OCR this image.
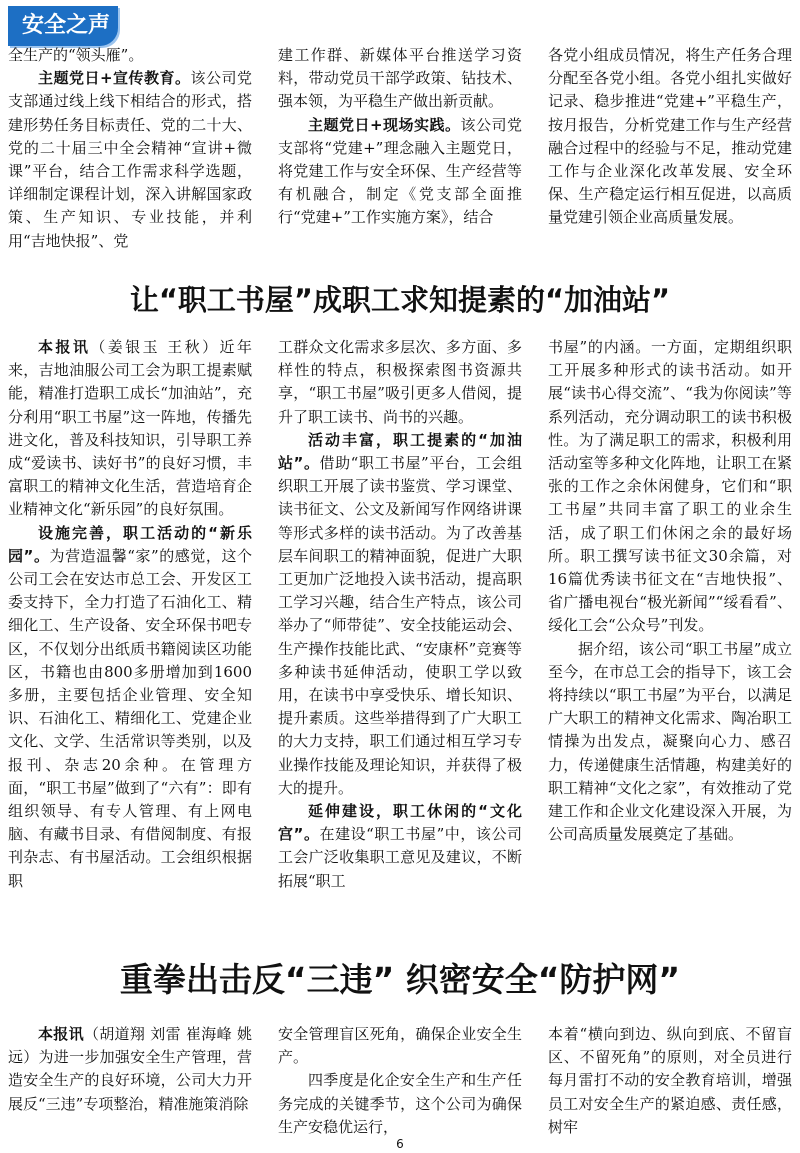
安全之声

全生产的“领头雁”。

主题党日+宣传教育。该公司党支部通过线上线下相结合的形式，搭建形势任务目标责任、党的二十大、党的二十届三中全会精神“宣讲+微课”平台，结合工作需求科学选题，详细制定课程计划，深入讲解国家政策、生产知识、专业技能，并利用“吉地快报”、党

建工作群、新媒体平台推送学习资料，带动党员干部学政策、钻技术、强本领，为平稳生产做出新贡献。

主题党日+现场实践。该公司党支部将“党建+”理念融入主题党日，将党建工作与安全环保、生产经营等有机融合，制定《党支部全面推行“党建+”工作实施方案》，结合

各党小组成员情况，将生产任务合理分配至各党小组。各党小组扎实做好记录、稳步推进“党建+”平稳生产，按月报告，分析党建工作与生产经营融合过程中的经验与不足，推动党建工作与企业深化改革发展、安全环保、生产稳定运行相互促进，以高质量党建引领企业高质量发展。

让“职工书屋”成职工求知提素的“加油站”

本报讯（姜银玉 王秋）近年来，吉地油服公司工会为职工提素赋能，精准打造职工成长“加油站”，充分利用“职工书屋”这一阵地，传播先进文化，普及科技知识，引导职工养成“爱读书、读好书”的良好习惯，丰富职工的精神文化生活，营造培育企业精神文化“新乐园”的良好氛围。

设施完善，职工活动的“新乐园”。为营造温馨“家”的感觉，这个公司工会在安达市总工会、开发区工委支持下，全力打造了石油化工、精细化工、生产设备、安全环保书吧专区，不仅划分出纸质书籍阅读区功能区，书籍也由800多册增加到1600多册，主要包括企业管理、安全知识、石油化工、精细化工、党建企业文化、文学、生活常识等类别，以及报刊、杂志20余种。在管理方面，“职工书屋”做到了“六有”：即有组织领导、有专人管理、有上网电脑、有藏书目录、有借阅制度、有报刊杂志、有书屋活动。工会组织根据职

工群众文化需求多层次、多方面、多样性的特点，积极探索图书资源共享，“职工书屋”吸引更多人借阅，提升了职工读书、尚书的兴趣。

活动丰富，职工提素的“加油站”。借助“职工书屋”平台，工会组织职工开展了读书鉴赏、学习课堂、读书征文、公文及新闻写作网络讲课等形式多样的读书活动。为了改善基层车间职工的精神面貌，促进广大职工更加广泛地投入读书活动，提高职工学习兴趣，结合生产特点，该公司举办了“师带徒”、安全技能运动会、生产操作技能比武、“安康杯”竞赛等多种读书延伸活动，使职工学以致用，在读书中享受快乐、增长知识、提升素质。这些举措得到了广大职工的大力支持，职工们通过相互学习专业操作技能及理论知识，并获得了极大的提升。

延伸建设，职工休闲的“文化宫”。在建设“职工书屋”中，该公司工会广泛收集职工意见及建议，不断拓展“职工

书屋”的内涵。一方面，定期组织职工开展多种形式的读书活动。如开展“读书心得交流”、“我为你阅读”等系列活动，充分调动职工的读书积极性。为了满足职工的需求，积极利用活动室等多种文化阵地，让职工在紧张的工作之余休闲健身，它们和“职工书屋”共同丰富了职工的业余生活，成了职工们休闲之余的最好场所。职工撰写读书征文30余篇，对16篇优秀读书征文在“吉地快报”、省广播电视台“极光新闻”“绥看看”、绥化工会“公众号”刊发。

据介绍，该公司“职工书屋”成立至今，在市总工会的指导下，该工会将持续以“职工书屋”为平台，以满足广大职工的精神文化需求、陶冶职工情操为出发点，凝聚向心力、感召力，传递健康生活情趣，构建美好的职工精神“文化之家”，有效推动了党建工作和企业文化建设深入开展，为公司高质量发展奠定了基础。

重拳出击反“三违” 织密安全“防护网”

本报讯（胡道翔 刘雷 崔海峰 姚远）为进一步加强安全生产管理，营造安全生产的良好环境，公司大力开展反“三违”专项整治，精准施策消除

安全管理盲区死角，确保企业安全生产。

四季度是化企安全生产和生产任务完成的关键季节，这个公司为确保生产安稳优运行，

本着“横向到边、纵向到底、不留盲区、不留死角”的原则，对全员进行每月雷打不动的安全教育培训，增强员工对安全生产的紧迫感、责任感，树牢

6
